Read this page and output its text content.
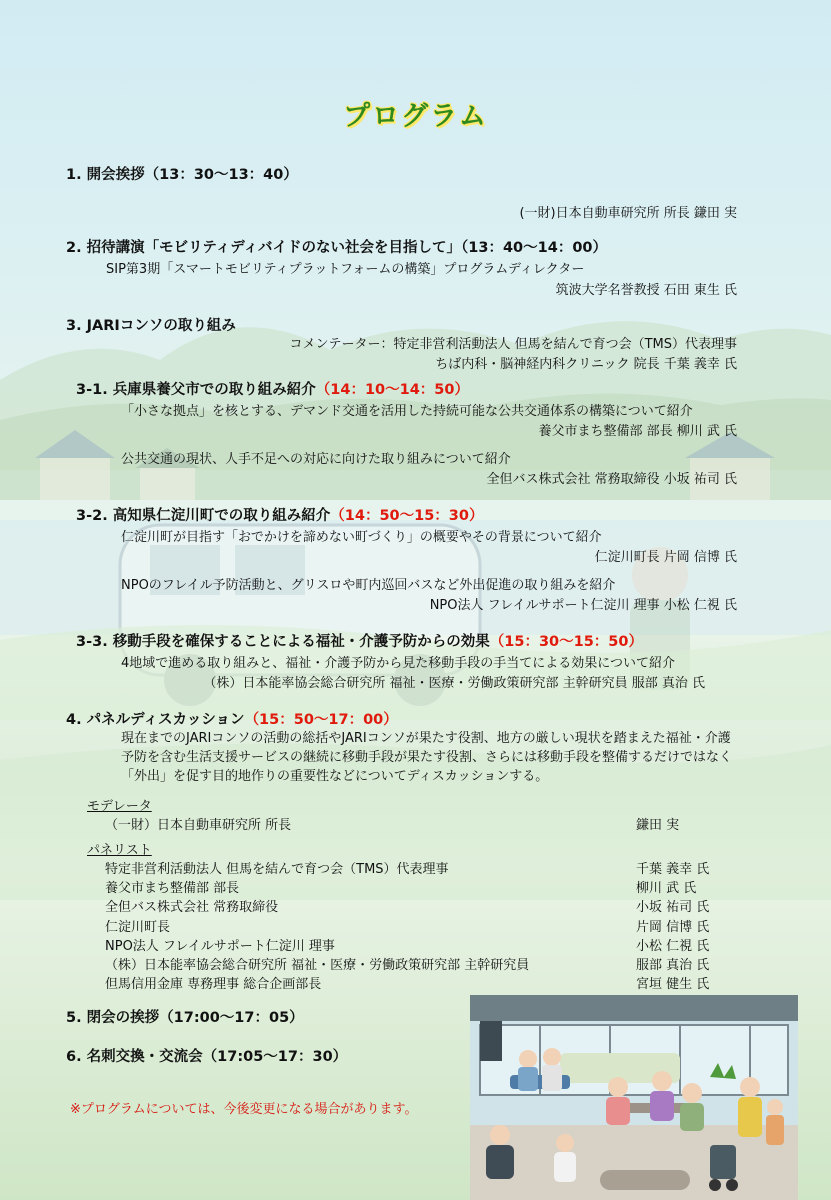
プログラム
1. 開会挨拶（13：30〜13：40）
(一財)日本自動車研究所 所長 鎌田 実
2. 招待講演「モビリティディバイドのない社会を目指して」（13：40〜14：00）
SIP第3期「スマートモビリティプラットフォームの構築」プログラムディレクター
筑波大学名誉教授 石田 東生 氏
3. JARIコンソの取り組み
コメンテーター：特定非営利活動法人 但馬を結んで育つ会（TMS）代表理事
ちば内科・脳神経内科クリニック 院長 千葉 義幸 氏
3-1. 兵庫県養父市での取り組み紹介（14：10〜14：50）
「小さな拠点」を核とする、デマンド交通を活用した持続可能な公共交通体系の構築について紹介
養父市まち整備部 部長 柳川 武 氏
公共交通の現状、人手不足への対応に向けた取り組みについて紹介
全但バス株式会社 常務取締役 小坂 祐司 氏
3-2. 高知県仁淀川町での取り組み紹介（14：50〜15：30）
仁淀川町が目指す「おでかけを諦めない町づくり」の概要やその背景について紹介
仁淀川町長 片岡 信博 氏
NPOのフレイル予防活動と、グリスロや町内巡回バスなど外出促進の取り組みを紹介
NPO法人 フレイルサポート仁淀川 理事 小松 仁視 氏
3-3. 移動手段を確保することによる福祉・介護予防からの効果（15：30〜15：50）
4地域で進める取り組みと、福祉・介護予防から見た移動手段の手当てによる効果について紹介
（株）日本能率協会総合研究所 福祉・医療・労働政策研究部 主幹研究員 服部 真治 氏
4. パネルディスカッション（15：50〜17：00）
現在までのJARIコンソの活動の総括やJARIコンソが果たす役割、地方の厳しい現状を踏まえた福祉・介護予防を含む生活支援サービスの継続に移動手段が果たす役割、さらには移動手段を整備するだけではなく「外出」を促す目的地作りの重要性などについてディスカッションする。
モデレータ
（一財）日本自動車研究所 所長	鎌田 実
パネリスト
特定非営利活動法人 但馬を結んで育つ会（TMS）代表理事	千葉 義幸 氏
養父市まち整備部 部長	柳川 武 氏
全但バス株式会社 常務取締役	小坂 祐司 氏
仁淀川町長	片岡 信博 氏
NPO法人 フレイルサポート仁淀川 理事	小松 仁視 氏
（株）日本能率協会総合研究所 福祉・医療・労働政策研究部 主幹研究員	服部 真治 氏
但馬信用金庫 専務理事 総合企画部長	宮垣 健生 氏
5. 閉会の挨拶（17:00〜17：05）
6. 名刺交換・交流会（17:05〜17：30）
※プログラムについては、今後変更になる場合があります。
